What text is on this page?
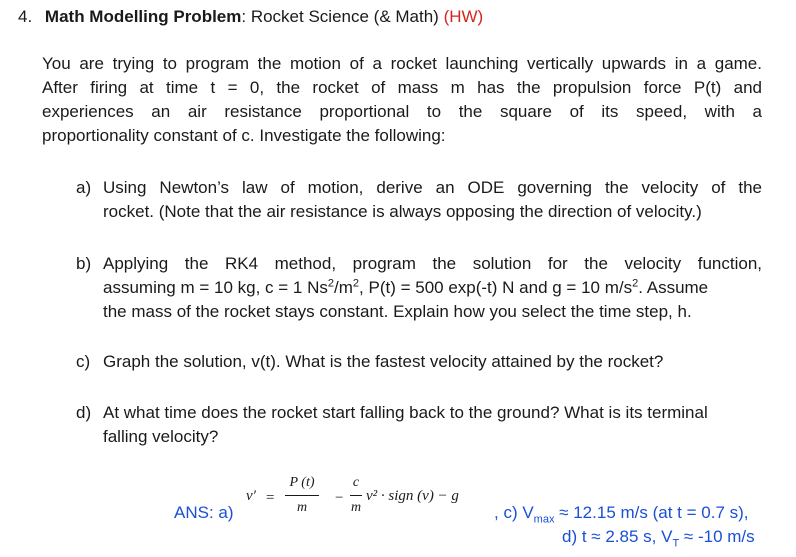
4. Math Modelling Problem: Rocket Science (& Math) (HW)
You are trying to program the motion of a rocket launching vertically upwards in a game.
After firing at time t = 0, the rocket of mass m has the propulsion force P(t) and
experiences an air resistance proportional to the square of its speed, with a
proportionality constant of c. Investigate the following:
a) Using Newton’s law of motion, derive an ODE governing the velocity of the
rocket. (Note that the air resistance is always opposing the direction of velocity.)
b) Applying the RK4 method, program the solution for the velocity function,
assuming m = 10 kg, c = 1 $Ns^2/m^2$, P(t) = 500 exp(-t) N and g = 10 $m/s^2$. Assume
the mass of the rocket stays constant. Explain how you select the time step, h.
c) Graph the solution, v(t). What is the fastest velocity attained by the rocket?
d) At what time does the rocket start falling back to the ground? What is its terminal
falling velocity?
ANS: a)
v′ =
P (t)
m
−
c
m
v² · sign (v) − g
, c) $V_{max} \approx 12.15$ m/s (at t = 0.7 s),
d) t ≈ 2.85 s, $V_T \approx -10$ m/s
